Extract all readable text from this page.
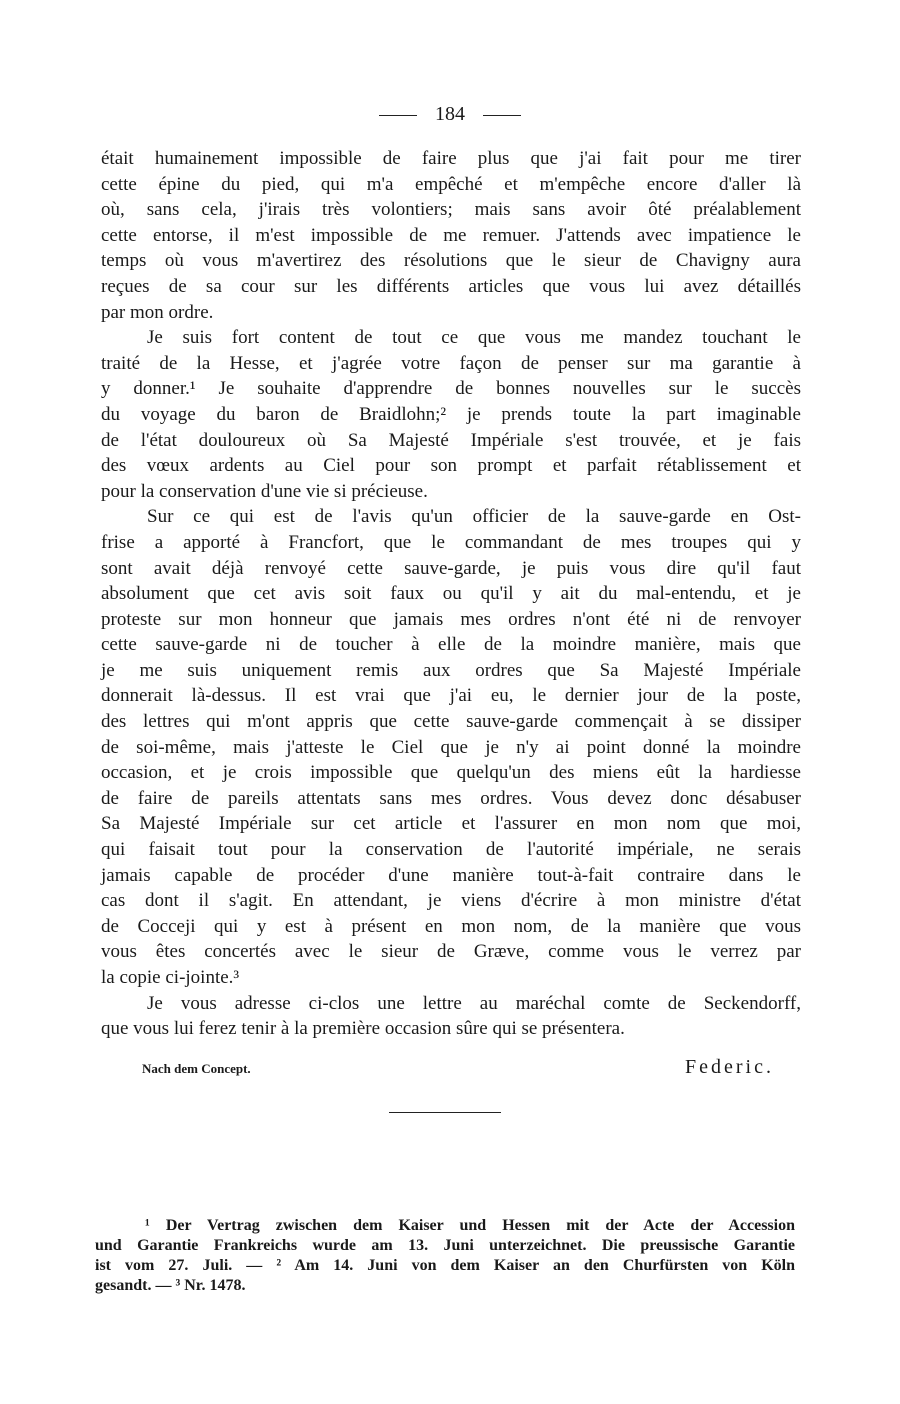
184
était humainement impossible de faire plus que j'ai fait pour me tirer
cette épine du pied, qui m'a empêché et m'empêche encore d'aller là
où, sans cela, j'irais très volontiers; mais sans avoir ôté préalablement
cette entorse, il m'est impossible de me remuer. J'attends avec impatience le
temps où vous m'avertirez des résolutions que le sieur de Chavigny aura
reçues de sa cour sur les différents articles que vous lui avez détaillés
par mon ordre.
Je suis fort content de tout ce que vous me mandez touchant le
traité de la Hesse, et j'agrée votre façon de penser sur ma garantie à
y donner.¹ Je souhaite d'apprendre de bonnes nouvelles sur le succès
du voyage du baron de Braidlohn;² je prends toute la part imaginable
de l'état douloureux où Sa Majesté Impériale s'est trouvée, et je fais
des vœux ardents au Ciel pour son prompt et parfait rétablissement et
pour la conservation d'une vie si précieuse.
Sur ce qui est de l'avis qu'un officier de la sauve-garde en Ost-
frise a apporté à Francfort, que le commandant de mes troupes qui y
sont avait déjà renvoyé cette sauve-garde, je puis vous dire qu'il faut
absolument que cet avis soit faux ou qu'il y ait du mal-entendu, et je
proteste sur mon honneur que jamais mes ordres n'ont été ni de renvoyer
cette sauve-garde ni de toucher à elle de la moindre manière, mais que
je me suis uniquement remis aux ordres que Sa Majesté Impériale
donnerait là-dessus. Il est vrai que j'ai eu, le dernier jour de la poste,
des lettres qui m'ont appris que cette sauve-garde commençait à se dissiper
de soi-même, mais j'atteste le Ciel que je n'y ai point donné la moindre
occasion, et je crois impossible que quelqu'un des miens eût la hardiesse
de faire de pareils attentats sans mes ordres. Vous devez donc désabuser
Sa Majesté Impériale sur cet article et l'assurer en mon nom que moi,
qui faisait tout pour la conservation de l'autorité impériale, ne serais
jamais capable de procéder d'une manière tout-à-fait contraire dans le
cas dont il s'agit. En attendant, je viens d'écrire à mon ministre d'état
de Cocceji qui y est à présent en mon nom, de la manière que vous
vous êtes concertés avec le sieur de Græve, comme vous le verrez par
la copie ci-jointe.³
Je vous adresse ci-clos une lettre au maréchal comte de Seckendorff,
que vous lui ferez tenir à la première occasion sûre qui se présentera.
Nach dem Concept.	Federic.
¹ Der Vertrag zwischen dem Kaiser und Hessen mit der Acte der Accession
und Garantie Frankreichs wurde am 13. Juni unterzeichnet. Die preussische Garantie
ist vom 27. Juli. — ² Am 14. Juni von dem Kaiser an den Churfürsten von Köln
gesandt. — ³ Nr. 1478.
